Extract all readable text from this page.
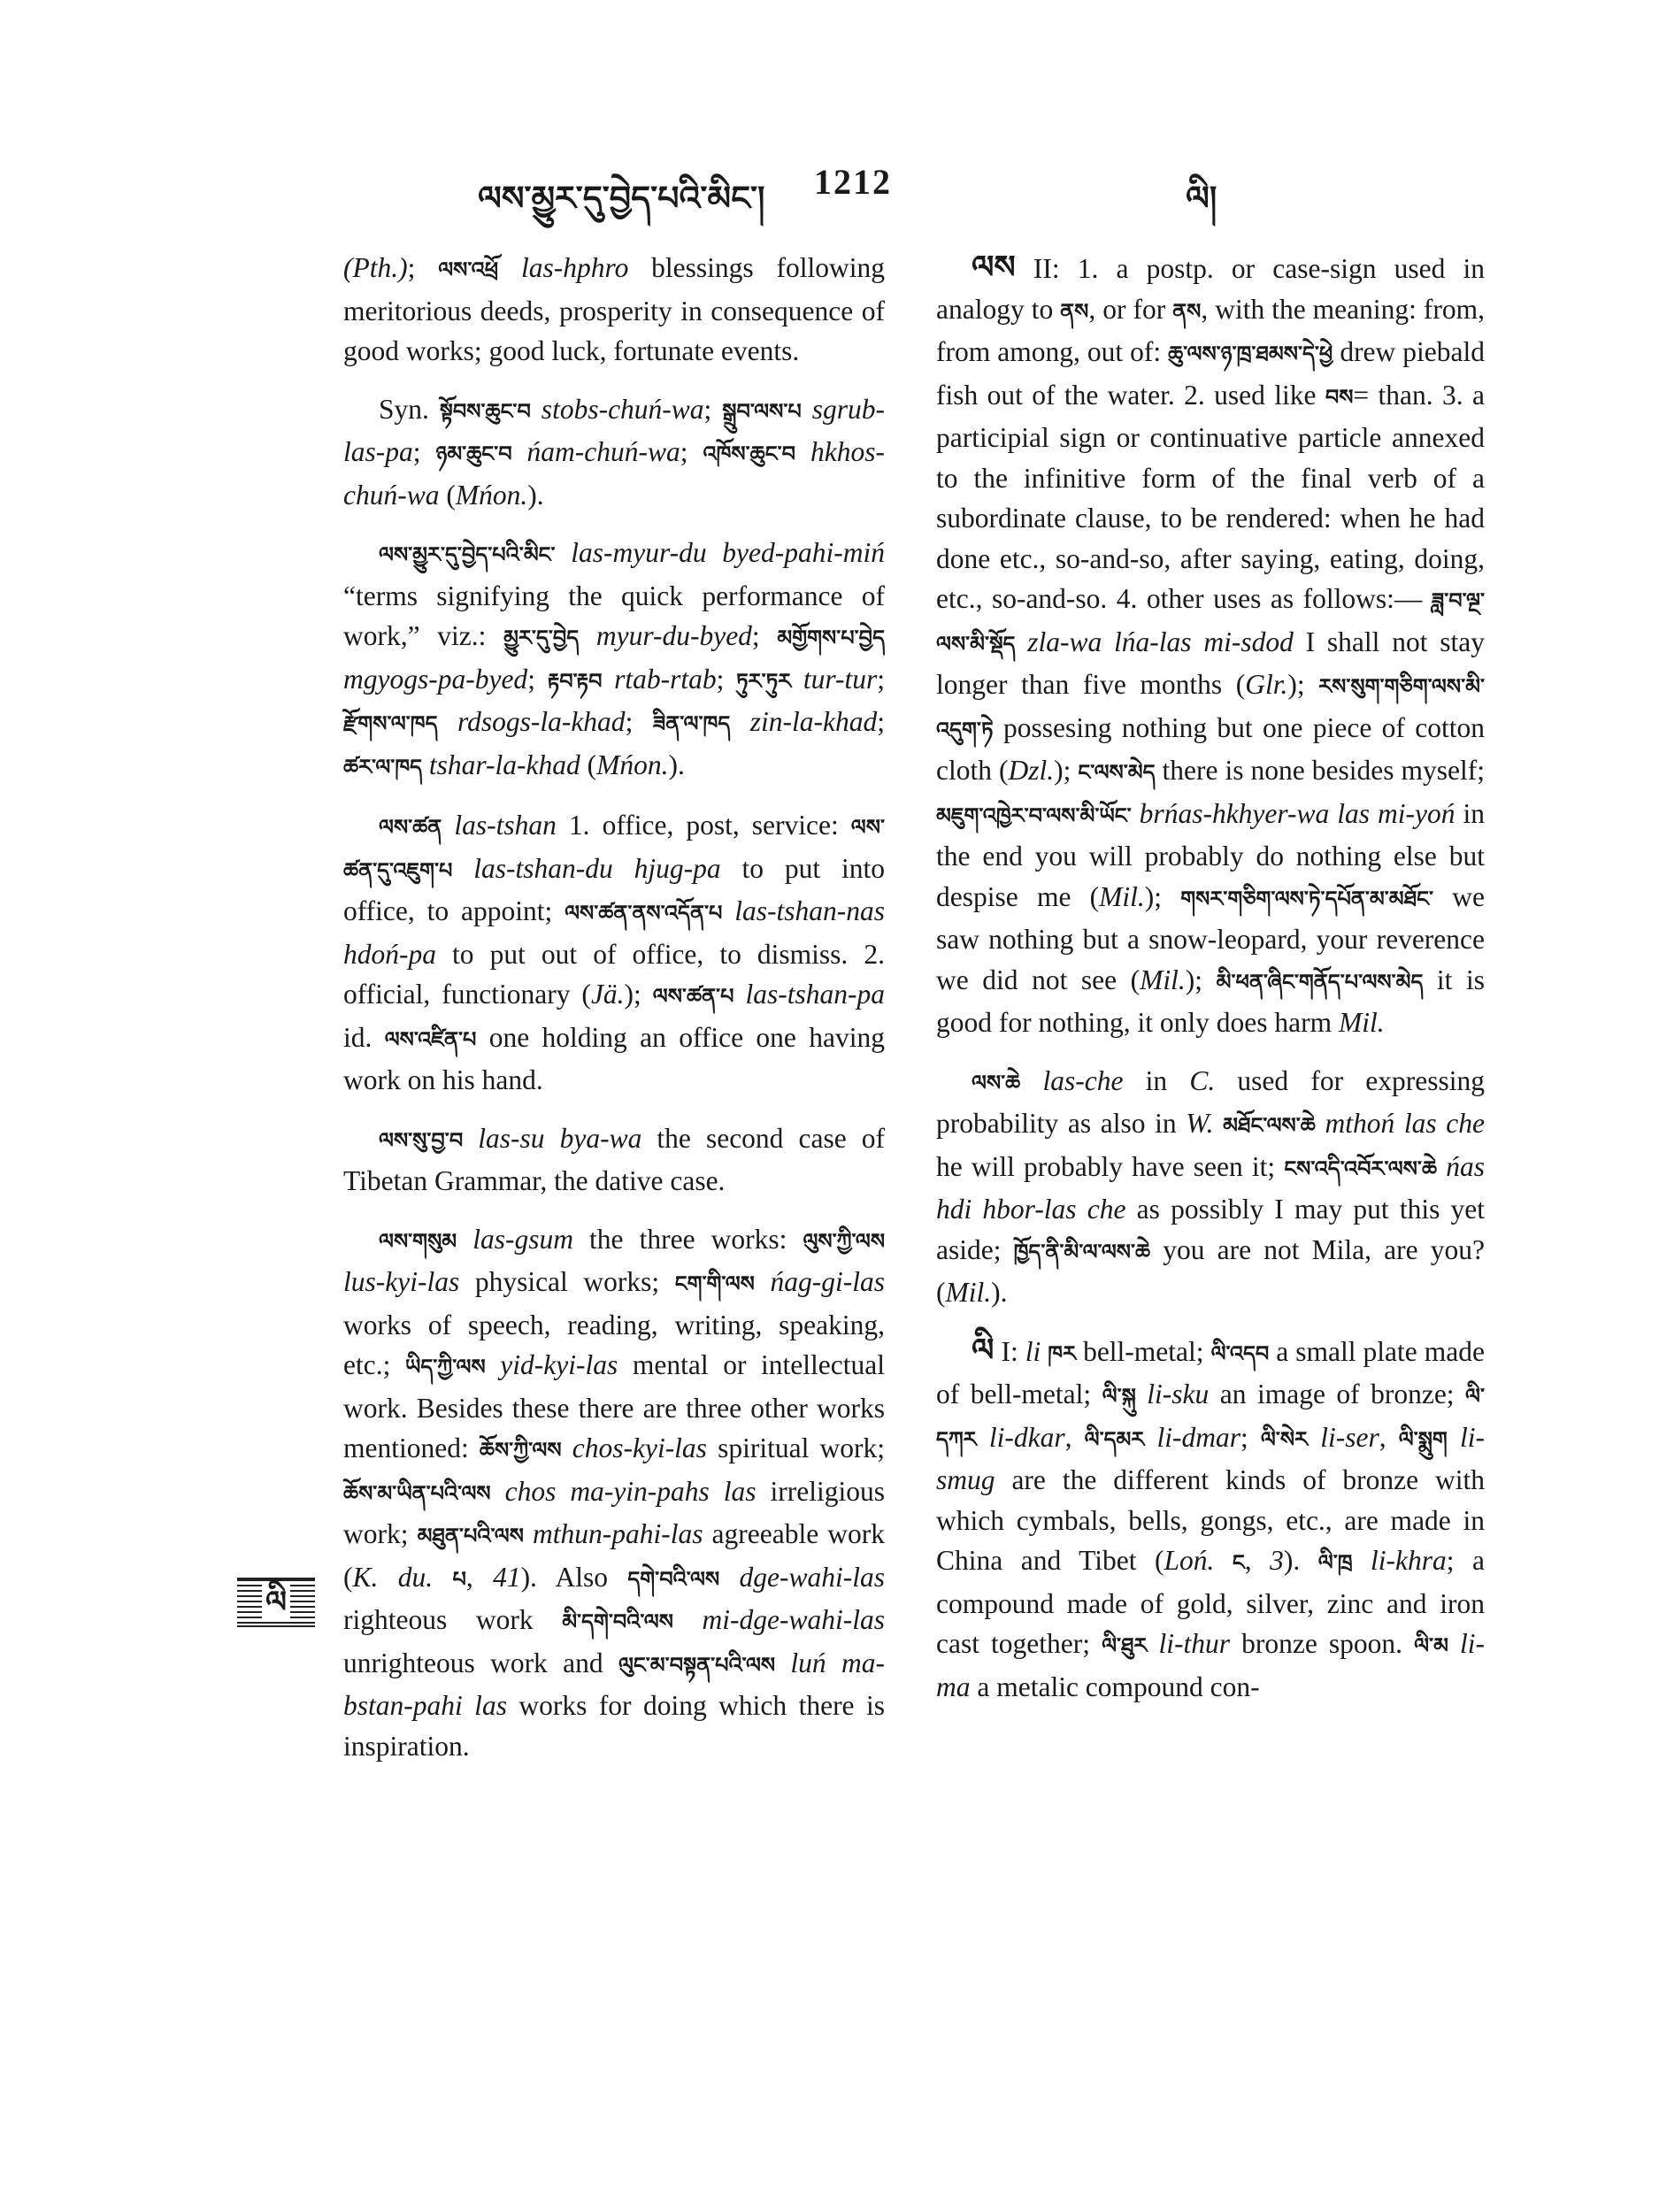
ལས་མྱུར་དུ་བྱེད་པའི་མིང་། 1212	ལི།
ལི

(Pth.); ལས་འཕྲོ las-hphro blessings following meritorious deeds, prosperity in consequence of good works; good luck, fortunate events.

Syn. སྟོབས་ཆུང་བ stobs-chuń-wa; སྒྲུབ་ལས་པ sgrub-las-pa; ཉམ་ཆུང་བ ńam-chuń-wa; འཁོས་ཆུང་བ hkhos-chuń-wa (Mńon.).

ལས་མྱུར་དུ་བྱེད་པའི་མིང་ las-myur-du byed-pahi-miń “terms signifying the quick performance of work,” viz.: མྱུར་དུ་བྱེད myur-du-byed; མགྱོགས་པ་བྱེད mgyogs-pa-byed; རྟབ་རྟབ rtab-rtab; ཏུར་ཏུར tur-tur; རྫོགས་ལ་ཁད rdsogs-la-khad; ཟིན་ལ་ཁད zin-la-khad; ཚར་ལ་ཁད tshar-la-khad (Mńon.).

ལས་ཚན las-tshan 1. office, post, service: ལས་ཚན་དུ་འཇུག་པ las-tshan-du hjug-pa to put into office, to appoint; ལས་ཚན་ནས་འདོན་པ las-tshan-nas hdoń-pa to put out of office, to dismiss. 2. official, functionary (Jä.); ལས་ཚན་པ las-tshan-pa id. ལས་འཛིན་པ one holding an office one having work on his hand.

ལས་སུ་བྱ་བ las-su bya-wa the second case of Tibetan Grammar, the dative case.

ལས་གསུམ las-gsum the three works: ལུས་ཀྱི་ལས lus-kyi-las physical works; ངག་གི་ལས ńag-gi-las works of speech, reading, writing, speaking, etc.; ཡིད་ཀྱི་ལས yid-kyi-las mental or intellectual work. Besides these there are three other works mentioned: ཆོས་ཀྱི་ལས chos-kyi-las spiritual work; ཆོས་མ་ཡིན་པའི་ལས chos ma-yin-pahs las irreligious work; མཐུན་པའི་ལས mthun-pahi-las agreeable work (K. du. པ, 41). Also དགེ་བའི་ལས dge-wahi-las righteous work མི་དགེ་བའི་ལས mi-dge-wahi-las unrighteous work and ལུང་མ་བསྟན་པའི་ལས luń ma-bstan-pahi las works for doing which there is inspiration.

ལས II: 1. a postp. or case-sign used in analogy to ནས, or for ནས, with the meaning: from, from among, out of: ཆུ་ལས་ཉ་ཁྲ་ཐམས་དེ་ཕྱེ drew piebald fish out of the water. 2. used like བས= than. 3. a participial sign or continuative particle annexed to the infinitive form of the final verb of a subordinate clause, to be rendered: when he had done etc., so-and-so, after saying, eating, doing, etc., so-and-so. 4. other uses as follows:— ཟླ་བ་ལྔ་ལས་མི་སྡོད zla-wa lńa-las mi-sdod I shall not stay longer than five months (Glr.); རས་སུག་གཅིག་ལས་མི་འདུག་ཏེ possesing nothing but one piece of cotton cloth (Dzl.); ང་ལས་མེད there is none besides myself; མཇུག་འཁྱེར་བ་ལས་མི་ཡོང་ brńas-hkhyer-wa las mi-yoń in the end you will probably do nothing else but despise me (Mil.); གསར་གཅིག་ལས་ཏེ་དཔོན་མ་མཐོང་ we saw nothing but a snow-leopard, your reverence we did not see (Mil.); མི་ཕན་ཞིང་གནོད་པ་ལས་མེད it is good for nothing, it only does harm Mil.

ལས་ཆེ las-che in C. used for expressing probability as also in W. མཐོང་ལས་ཆེ mthoń las che he will probably have seen it; ངས་འདི་འབོར་ལས་ཆེ ńas hdi hbor-las che as possibly I may put this yet aside; ཁྱོད་ནི་མི་ལ་ལས་ཆེ you are not Mila, are you? (Mil.).

ལི I: li ཁར bell-metal; ལི་འདབ a small plate made of bell-metal; ལི་སྐུ li-sku an image of bronze; ལི་དཀར li-dkar, ལི་དམར li-dmar; ལི་སེར li-ser, ལི་སྨུག li-smug are the different kinds of bronze with which cymbals, bells, gongs, etc., are made in China and Tibet (Loń. ང, 3). ལི་ཁྲ li-khra; a compound made of gold, silver, zinc and iron cast together; ལི་ཐུར li-thur bronze spoon. ལི་མ li-ma a metalic compound con-
